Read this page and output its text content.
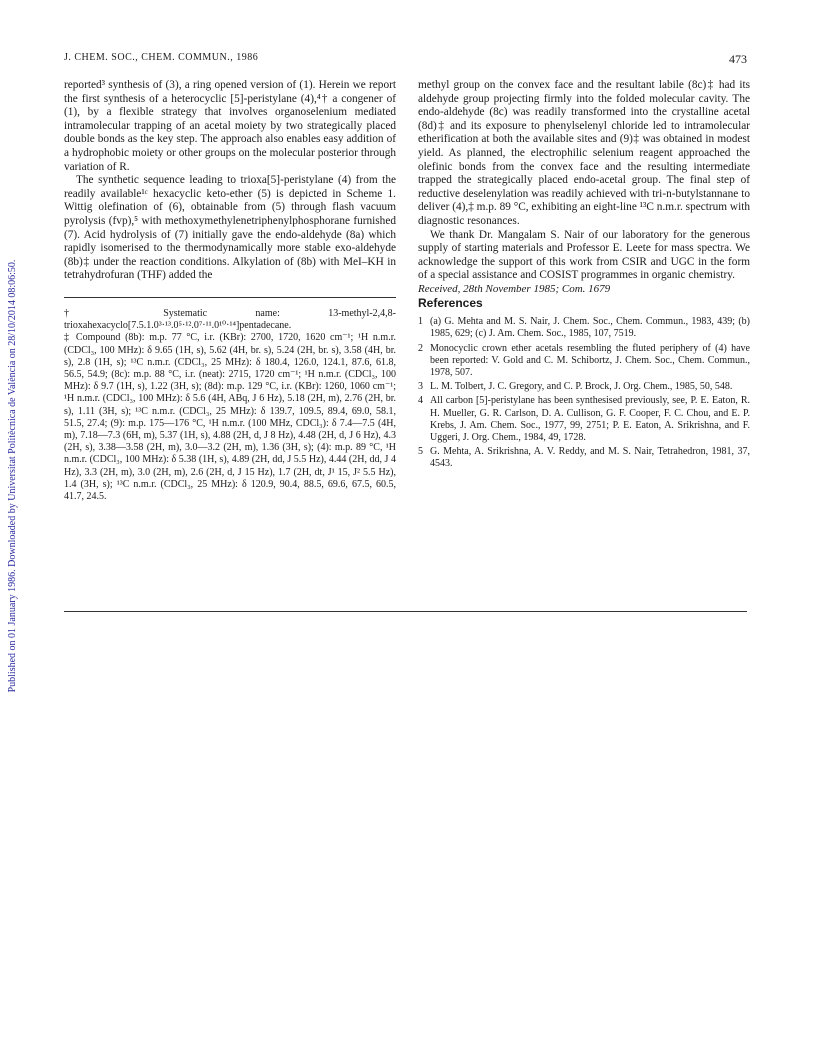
Published on 01 January 1986. Downloaded by Universitat Politècnica de València on 28/10/2014 08:06:50.
J. CHEM. SOC., CHEM. COMMUN., 1986	473

reported³ synthesis of (3), a ring opened version of (1). Herein we report the first synthesis of a heterocyclic [5]-peristylane (4),⁴† a congener of (1), by a flexible strategy that involves organoselenium mediated intramolecular trapping of an acetal moiety by two strategically placed double bonds as the key step. The approach also enables easy addition of a hydrophobic moiety or other groups on the molecular posterior through variation of R.

The synthetic sequence leading to trioxa[5]-peristylane (4) from the readily available¹ᶜ hexacyclic keto-ether (5) is depicted in Scheme 1. Wittig olefination of (6), obtainable from (5) through flash vacuum pyrolysis (fvp),⁵ with methoxymethylenetriphenylphosphorane furnished (7). Acid hydrolysis of (7) initially gave the endo-aldehyde (8a) which rapidly isomerised to the thermodynamically more stable exo-aldehyde (8b)‡ under the reaction conditions. Alkylation of (8b) with MeI–KH in tetrahydrofuran (THF) added the

† Systematic name: 13-methyl-2,4,8-trioxahexacyclo[7.5.1.0³·¹³.0⁵·¹².0⁷·¹¹.0¹⁰·¹⁴]pentadecane.

‡ Compound (8b): m.p. 77 °C, i.r. (KBr): 2700, 1720, 1620 cm⁻¹; ¹H n.m.r. (CDCl₃, 100 MHz): δ 9.65 (1H, s), 5.62 (4H, br. s), 5.24 (2H, br. s), 3.58 (4H, br. s), 2.8 (1H, s); ¹³C n.m.r. (CDCl₃, 25 MHz): δ 180.4, 126.0, 124.1, 87.6, 61.8, 56.5, 54.9; (8c): m.p. 88 °C, i.r. (neat): 2715, 1720 cm⁻¹; ¹H n.m.r. (CDCl₃, 100 MHz): δ 9.7 (1H, s), 1.22 (3H, s); (8d): m.p. 129 °C, i.r. (KBr): 1260, 1060 cm⁻¹; ¹H n.m.r. (CDCl₃, 100 MHz): δ 5.6 (4H, ABq, J 6 Hz), 5.18 (2H, m), 2.76 (2H, br. s), 1.11 (3H, s); ¹³C n.m.r. (CDCl₃, 25 MHz): δ 139.7, 109.5, 89.4, 69.0, 58.1, 51.5, 27.4; (9): m.p. 175—176 °C, ¹H n.m.r. (100 MHz, CDCl₃): δ 7.4—7.5 (4H, m), 7.18—7.3 (6H, m), 5.37 (1H, s), 4.88 (2H, d, J 8 Hz), 4.48 (2H, d, J 6 Hz), 4.3 (2H, s), 3.38—3.58 (2H, m), 3.0—3.2 (2H, m), 1.36 (3H, s); (4): m.p. 89 °C, ¹H n.m.r. (CDCl₃, 100 MHz): δ 5.38 (1H, s), 4.89 (2H, dd, J 5.5 Hz), 4.44 (2H, dd, J 4 Hz), 3.3 (2H, m), 3.0 (2H, m), 2.6 (2H, d, J 15 Hz), 1.7 (2H, dt, J¹ 15, J² 5.5 Hz), 1.4 (3H, s); ¹³C n.m.r. (CDCl₃, 25 MHz): δ 120.9, 90.4, 88.5, 69.6, 67.5, 60.5, 41.7, 24.5.

methyl group on the convex face and the resultant labile (8c)‡ had its aldehyde group projecting firmly into the folded molecular cavity. The endo-aldehyde (8c) was readily transformed into the crystalline acetal (8d)‡ and its exposure to phenylselenyl chloride led to intramolecular etherification at both the available sites and (9)‡ was obtained in modest yield. As planned, the electrophilic selenium reagent approached the olefinic bonds from the convex face and the resulting intermediate trapped the strategically placed endo-acetal group. The final step of reductive deselenylation was readily achieved with tri-n-butylstannane to deliver (4),‡ m.p. 89 °C, exhibiting an eight-line ¹³C n.m.r. spectrum with diagnostic resonances.

We thank Dr. Mangalam S. Nair of our laboratory for the generous supply of starting materials and Professor E. Leete for mass spectra. We acknowledge the support of this work from CSIR and UGC in the form of a special assistance and COSIST programmes in organic chemistry.

Received, 28th November 1985; Com. 1679

References
1 (a) G. Mehta and M. S. Nair, J. Chem. Soc., Chem. Commun., 1983, 439; (b) 1985, 629; (c) J. Am. Chem. Soc., 1985, 107, 7519.
2 Monocyclic crown ether acetals resembling the fluted periphery of (4) have been reported: V. Gold and C. M. Schibortz, J. Chem. Soc., Chem. Commun., 1978, 507.
3 L. M. Tolbert, J. C. Gregory, and C. P. Brock, J. Org. Chem., 1985, 50, 548.
4 All carbon [5]-peristylane has been synthesised previously, see, P. E. Eaton, R. H. Mueller, G. R. Carlson, D. A. Cullison, G. F. Cooper, F. C. Chou, and E. P. Krebs, J. Am. Chem. Soc., 1977, 99, 2751; P. E. Eaton, A. Srikrishna, and F. Uggeri, J. Org. Chem., 1984, 49, 1728.
5 G. Mehta, A. Srikrishna, A. V. Reddy, and M. S. Nair, Tetrahedron, 1981, 37, 4543.
